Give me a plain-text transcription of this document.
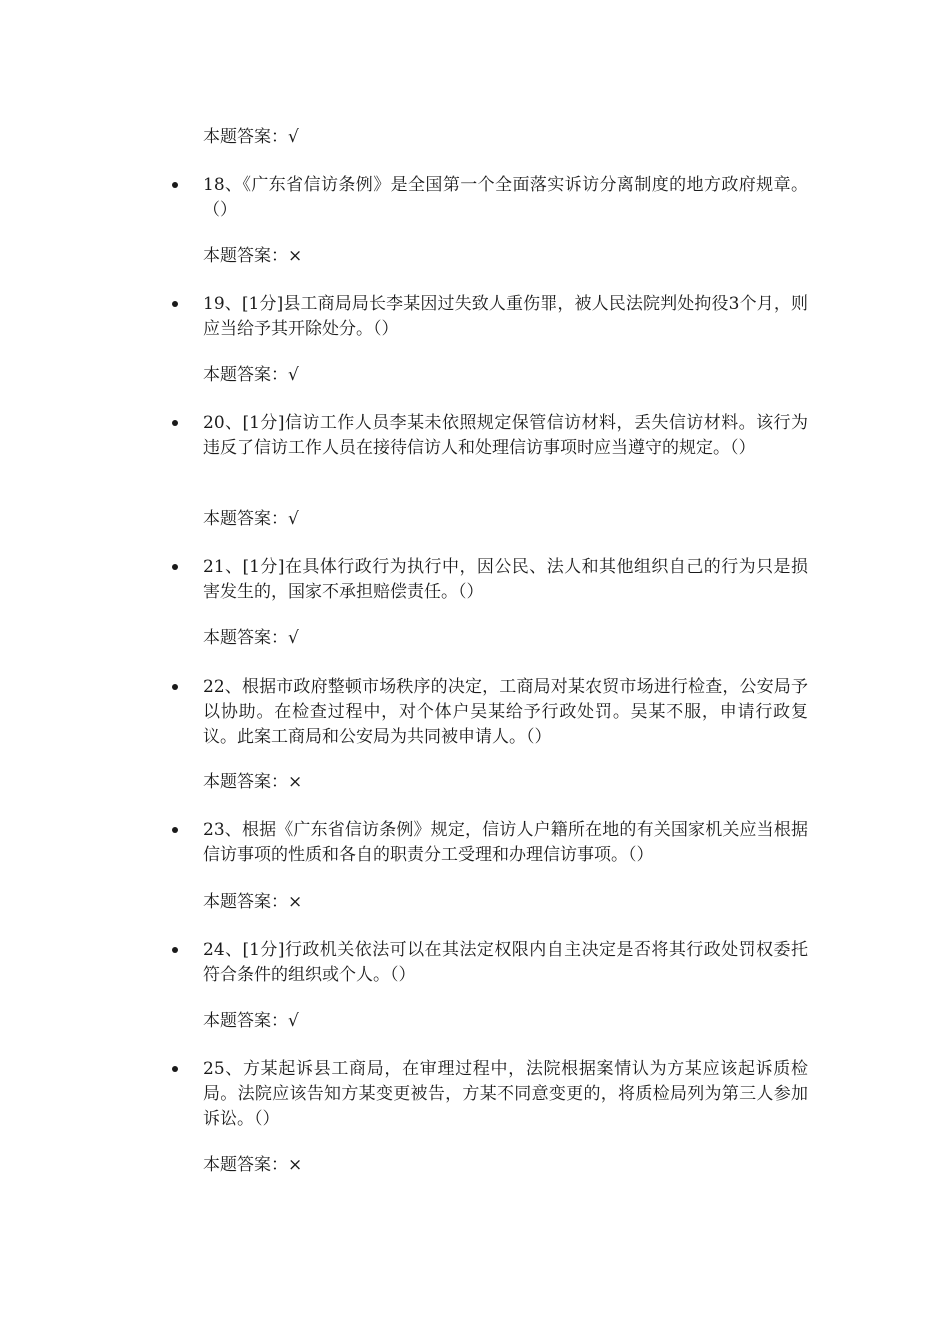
本题答案：√
18、《广东省信访条例》是全国第一个全面落实诉访分离制度的地方政府规章。（）
本题答案：×
19、[1分]县工商局局长李某因过失致人重伤罪，被人民法院判处拘役3个月，则应当给予其开除处分。（）
本题答案：√
20、[1分]信访工作人员李某未依照规定保管信访材料，丢失信访材料。该行为违反了信访工作人员在接待信访人和处理信访事项时应当遵守的规定。（）
本题答案：√
21、[1分]在具体行政行为执行中，因公民、法人和其他组织自己的行为只是损害发生的，国家不承担赔偿责任。（）
本题答案：√
22、根据市政府整顿市场秩序的决定，工商局对某农贸市场进行检查，公安局予以协助。在检查过程中，对个体户吴某给予行政处罚。吴某不服，申请行政复议。此案工商局和公安局为共同被申请人。（）
本题答案：×
23、根据《广东省信访条例》规定，信访人户籍所在地的有关国家机关应当根据信访事项的性质和各自的职责分工受理和办理信访事项。（）
本题答案：×
24、[1分]行政机关依法可以在其法定权限内自主决定是否将其行政处罚权委托符合条件的组织或个人。（）
本题答案：√
25、方某起诉县工商局，在审理过程中，法院根据案情认为方某应该起诉质检局。法院应该告知方某变更被告，方某不同意变更的，将质检局列为第三人参加诉讼。（）
本题答案：×
